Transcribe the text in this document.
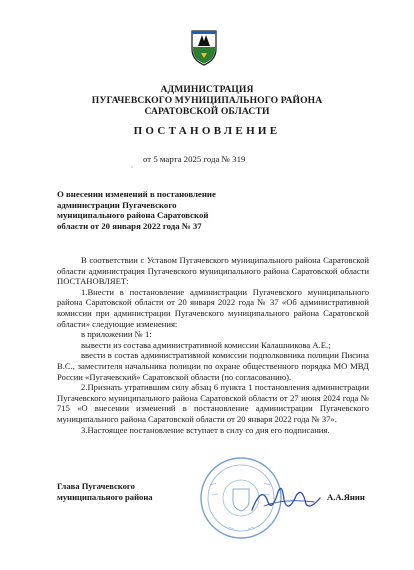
АДМИНИСТРАЦИЯ
ПУГАЧЕВСКОГО МУНИЦИПАЛЬНОГО РАЙОНА
САРАТОВСКОЙ ОБЛАСТИ
ПОСТАНОВЛЕНИЕ
от 5 марта 2025 года № 319
ˇ
О внесении изменений в постановление
администрации Пугачевского
муниципального района Саратовской
области от 20 января 2022 года № 37
В соответствии с Уставом Пугачевского муниципального района Саратовской области администрация Пугачевского муниципального района Саратовской области ПОСТАНОВЛЯЕТ:
1.Внести в постановление администрации Пугачевского муниципального района Саратовской области от 20 января 2022 года № 37 «Об административной комиссии при администрации Пугачевского муниципального района Саратовской области» следующие изменения:
в приложении № 1:
вывести из состава административной комиссии Калашникова А.Е.;
ввести в состав административной комиссии подполковника полиции Писина В.С., заместителя начальника полиции по охране общественного порядка МО МВД России «Пугачевский» Саратовской области (по согласованию).
2.Признать утратившим силу абзац 6 пункта 1 постановления администрации Пугачевского муниципального района Саратовской области от 27 июня 2024 года № 715 «О внесении изменений в постановление администрации Пугачевского муниципального района Саратовской области от 20 января 2022 года № 37».
3.Настоящее постановление вступает в силу со дня его подписания.
Глава Пугачевского
муниципального района	А.А.Янин
